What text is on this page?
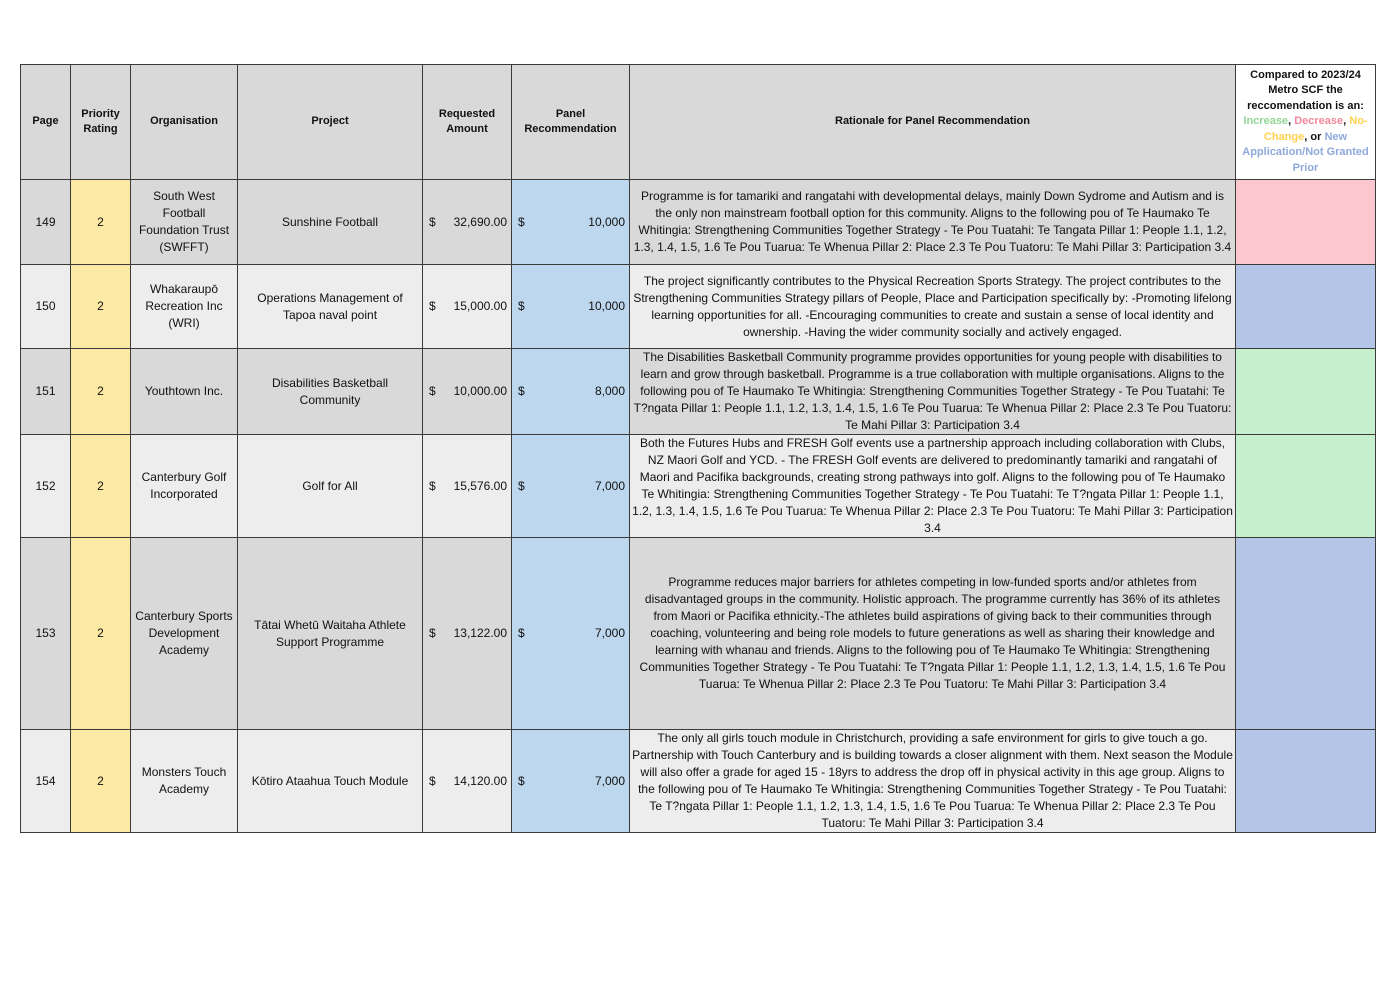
Page	Priority Rating	Organisation	Project	Requested Amount	Panel Recommendation	Rationale for Panel Recommendation	Compared to 2023/24 Metro SCF the reccomendation is an: Increase, Decrease, No-Change, or New Application/Not Granted Prior
149	2	South West Football Foundation Trust (SWFFT)	Sunshine Football	$ 32,690.00	$ 10,000	Programme is for tamariki and rangatahi with developmental delays, mainly Down Sydrome and Autism and is the only non mainstream football option for this community. Aligns to the following pou of Te Haumako Te Whitingia: Strengthening Communities Together Strategy - Te Pou Tuatahi: Te Tangata Pillar 1: People 1.1, 1.2, 1.3, 1.4, 1.5, 1.6 Te Pou Tuarua: Te Whenua Pillar 2: Place 2.3 Te Pou Tuatoru: Te Mahi Pillar 3: Participation 3.4	
150	2	Whakaraupō Recreation Inc (WRI)	Operations Management of Tapoa naval point	$ 15,000.00	$ 10,000	The project significantly contributes to the Physical Recreation Sports Strategy. The project contributes to the Strengthening Communities Strategy pillars of People, Place and Participation specifically by: -Promoting lifelong learning opportunities for all. -Encouraging communities to create and sustain a sense of local identity and ownership. -Having the wider community socially and actively engaged.	
151	2	Youthtown Inc.	Disabilities Basketball Community	$ 10,000.00	$ 8,000	The Disabilities Basketball Community programme provides opportunities for young people with disabilities to learn and grow through basketball. Programme is a true collaboration with multiple organisations. Aligns to the following pou of Te Haumako Te Whitingia: Strengthening Communities Together Strategy - Te Pou Tuatahi: Te T?ngata Pillar 1: People 1.1, 1.2, 1.3, 1.4, 1.5, 1.6 Te Pou Tuarua: Te Whenua Pillar 2: Place 2.3 Te Pou Tuatoru: Te Mahi Pillar 3: Participation 3.4	
152	2	Canterbury Golf Incorporated	Golf for All	$ 15,576.00	$ 7,000	Both the Futures Hubs and FRESH Golf events use a partnership approach including collaboration with Clubs, NZ Maori Golf and YCD. - The FRESH Golf events are delivered to predominantly tamariki and rangatahi of Maori and Pacifika backgrounds, creating strong pathways into golf. Aligns to the following pou of Te Haumako Te Whitingia: Strengthening Communities Together Strategy - Te Pou Tuatahi: Te T?ngata Pillar 1: People 1.1, 1.2, 1.3, 1.4, 1.5, 1.6 Te Pou Tuarua: Te Whenua Pillar 2: Place 2.3 Te Pou Tuatoru: Te Mahi Pillar 3: Participation 3.4	
153	2	Canterbury Sports Development Academy	Tātai Whetū Waitaha Athlete Support Programme	$ 13,122.00	$ 7,000	Programme reduces major barriers for athletes competing in low-funded sports and/or athletes from disadvantaged groups in the community. Holistic approach. The programme currently has 36% of its athletes from Maori or Pacifika ethnicity.-The athletes build aspirations of giving back to their communities through coaching, volunteering and being role models to future generations as well as sharing their knowledge and learning with whanau and friends. Aligns to the following pou of Te Haumako Te Whitingia: Strengthening Communities Together Strategy - Te Pou Tuatahi: Te T?ngata Pillar 1: People 1.1, 1.2, 1.3, 1.4, 1.5, 1.6 Te Pou Tuarua: Te Whenua Pillar 2: Place 2.3 Te Pou Tuatoru: Te Mahi Pillar 3: Participation 3.4	
154	2	Monsters Touch Academy	Kōtiro Ataahua Touch Module	$ 14,120.00	$ 7,000	The only all girls touch module in Christchurch, providing a safe environment for girls to give touch a go. Partnership with Touch Canterbury and is building towards a closer alignment with them. Next season the Module will also offer a grade for aged 15 - 18yrs to address the drop off in physical activity in this age group. Aligns to the following pou of Te Haumako Te Whitingia: Strengthening Communities Together Strategy - Te Pou Tuatahi: Te T?ngata Pillar 1: People 1.1, 1.2, 1.3, 1.4, 1.5, 1.6 Te Pou Tuarua: Te Whenua Pillar 2: Place 2.3 Te Pou Tuatoru: Te Mahi Pillar 3: Participation 3.4	
